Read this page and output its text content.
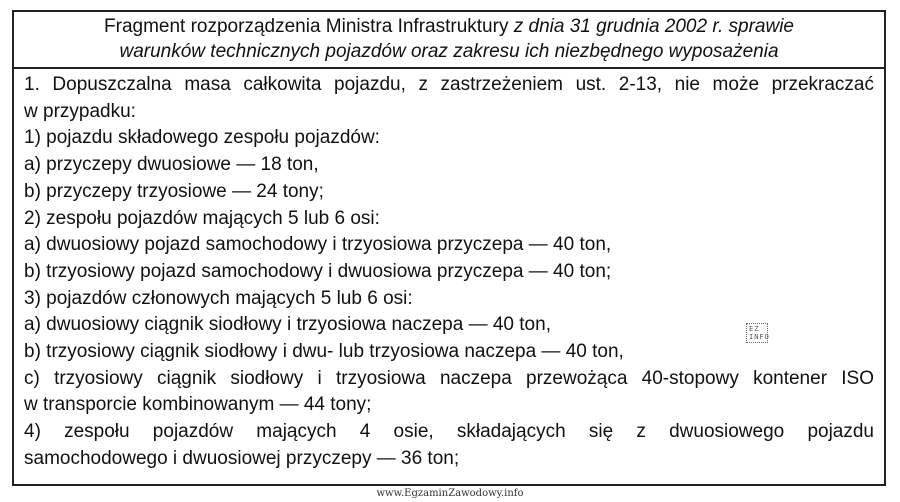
Fragment rozporządzenia Ministra Infrastruktury z dnia 31 grudnia 2002 r. sprawie
warunków technicznych pojazdów oraz zakresu ich niezbędnego wyposażenia
1. Dopuszczalna masa całkowita pojazdu, z zastrzeżeniem ust. 2-13, nie może przekraczać
w przypadku:
1) pojazdu składowego zespołu pojazdów:
a) przyczepy dwuosiowe — 18 ton,
b) przyczepy trzyosiowe — 24 tony;
2) zespołu pojazdów mających 5 lub 6 osi:
a) dwuosiowy pojazd samochodowy i trzyosiowa przyczepa — 40 ton,
b) trzyosiowy pojazd samochodowy i dwuosiowa przyczepa — 40 ton;
3) pojazdów członowych mających 5 lub 6 osi:
a) dwuosiowy ciągnik siodłowy i trzyosiowa naczepa — 40 ton,
b) trzyosiowy ciągnik siodłowy i dwu- lub trzyosiowa naczepa — 40 ton,
c) trzyosiowy ciągnik siodłowy i trzyosiowa naczepa przewożąca 40-stopowy kontener ISO
w transporcie kombinowanym — 44 tony;
4) zespołu pojazdów mających 4 osie, składających się z dwuosiowego pojazdu
samochodowego i dwuosiowej przyczepy — 36 ton;
EZ INFO
www.EgzaminZawodowy.info
